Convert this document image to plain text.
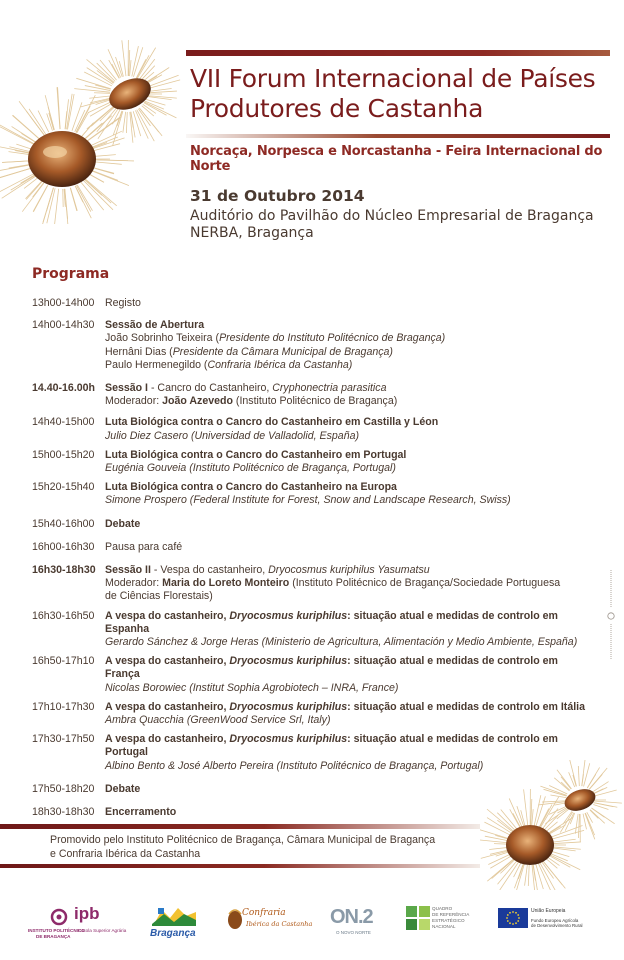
VII Forum Internacional de Países
Produtores de Castanha
Norcaça, Norpesca e Norcastanha - Feira Internacional do Norte
31 de Outubro 2014
Auditório do Pavilhão do Núcleo Empresarial de Bragança
NERBA, Bragança
Programa
13h00-14h00 Registo
14h00-14h30 Sessão de Abertura
João Sobrinho Teixeira (Presidente do Instituto Politécnico de Bragança)
Hernâni Dias (Presidente da Câmara Municipal de Bragança)
Paulo Hermenegildo (Confraria Ibérica da Castanha)
14.40-16.00h Sessão I - Cancro do Castanheiro, Cryphonectria parasitica
Moderador: João Azevedo (Instituto Politécnico de Bragança)
14h40-15h00 Luta Biológica contra o Cancro do Castanheiro em Castilla y Léon
Julio Diez Casero (Universidad de Valladolid, España)
15h00-15h20 Luta Biológica contra o Cancro do Castanheiro em Portugal
Eugénia Gouveia (Instituto Politécnico de Bragança, Portugal)
15h20-15h40 Luta Biológica contra o Cancro do Castanheiro na Europa
Simone Prospero (Federal Institute for Forest, Snow and Landscape Research, Swiss)
15h40-16h00 Debate
16h00-16h30 Pausa para café
16h30-18h30 Sessão II - Vespa do castanheiro, Dryocosmus kuriphilus Yasumatsu
Moderador: Maria do Loreto Monteiro (Instituto Politécnico de Bragança/Sociedade Portuguesa
de Ciências Florestais)
16h30-16h50 A vespa do castanheiro, Dryocosmus kuriphilus: situação atual e medidas de controlo em Espanha
Gerardo Sánchez & Jorge Heras (Ministerio de Agricultura, Alimentación y Medio Ambiente, España)
16h50-17h10 A vespa do castanheiro, Dryocosmus kuriphilus: situação atual e medidas de controlo em França
Nicolas Borowiec (Institut Sophia Agrobiotech – INRA, France)
17h10-17h30 A vespa do castanheiro, Dryocosmus kuriphilus: situação atual e medidas de controlo em Itália
Ambra Quacchia (GreenWood Service Srl, Italy)
17h30-17h50 A vespa do castanheiro, Dryocosmus kuriphilus: situação atual e medidas de controlo em Portugal
Albino Bento & José Alberto Pereira (Instituto Politécnico de Bragança, Portugal)
17h50-18h20 Debate
18h30-18h30 Encerramento
Promovido pelo Instituto Politécnico de Bragança, Câmara Municipal de Bragança
e Confraria Ibérica da Castanha
ipb
INSTITUTO POLITÉCNICO
DE BRAGANÇA
Escola Superior Agrária Bragança
Confraria
Ibérica da Castanha ON.2
O NOVO NORTE
QUADRO
DE REFERÊNCIA
ESTRATÉGICO
NACIONAL
União Europeia
Fundo Europeu Agrícola
de Desenvolvimento Rural
